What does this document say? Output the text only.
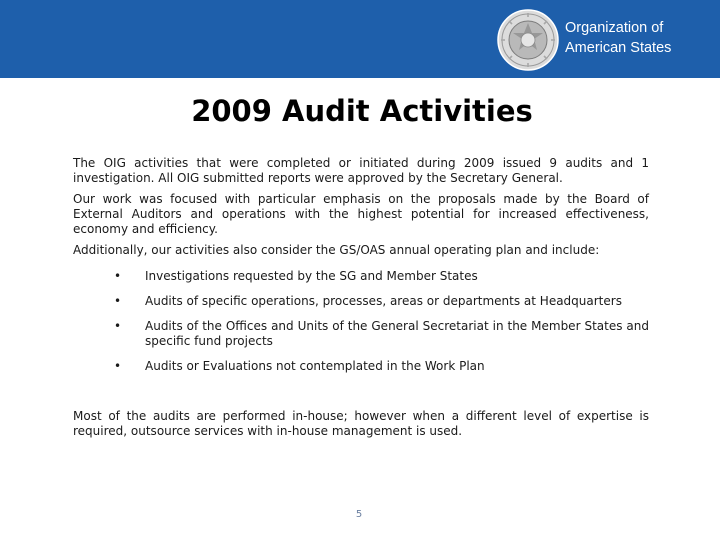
Organization of
American States
2009 Audit Activities

The OIG activities that were completed or initiated during 2009 issued 9 audits and 1 investigation. All OIG submitted reports were approved by the Secretary General.

Our work was focused with particular emphasis on the proposals made by the Board of External Auditors and operations with the highest potential for increased effectiveness, economy and efficiency.

Additionally, our activities also consider the GS/OAS annual operating plan and include:

• Investigations requested by the SG and Member States
• Audits of specific operations, processes, areas or departments at Headquarters
• Audits of the Offices and Units of the General Secretariat in the Member States and specific fund projects
• Audits or Evaluations not contemplated in the Work Plan

Most of the audits are performed in-house; however when a different level of expertise is required, outsource services with in-house management is used.

5
